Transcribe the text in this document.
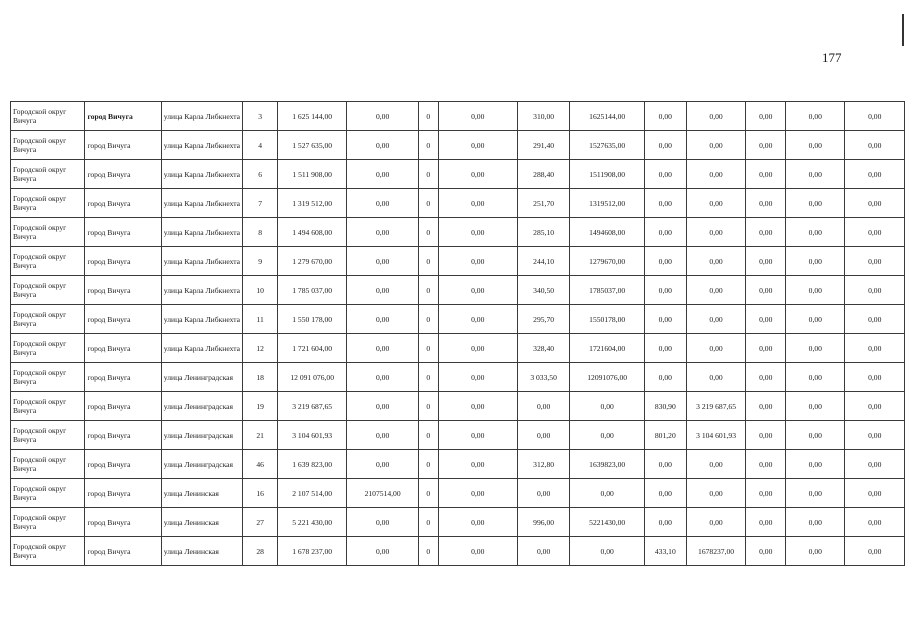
177
Городской округ Вичуга	город Вичуга	улица Карла Либкнехта	3	1 625 144,00	0,00	0	0,00	310,00	1625144,00	0,00	0,00	0,00	0,00	0,00
Городской округ Вичуга	город Вичуга	улица Карла Либкнехта	4	1 527 635,00	0,00	0	0,00	291,40	1527635,00	0,00	0,00	0,00	0,00	0,00
Городской округ Вичуга	город Вичуга	улица Карла Либкнехта	6	1 511 908,00	0,00	0	0,00	288,40	1511908,00	0,00	0,00	0,00	0,00	0,00
Городской округ Вичуга	город Вичуга	улица Карла Либкнехта	7	1 319 512,00	0,00	0	0,00	251,70	1319512,00	0,00	0,00	0,00	0,00	0,00
Городской округ Вичуга	город Вичуга	улица Карла Либкнехта	8	1 494 608,00	0,00	0	0,00	285,10	1494608,00	0,00	0,00	0,00	0,00	0,00
Городской округ Вичуга	город Вичуга	улица Карла Либкнехта	9	1 279 670,00	0,00	0	0,00	244,10	1279670,00	0,00	0,00	0,00	0,00	0,00
Городской округ Вичуга	город Вичуга	улица Карла Либкнехта	10	1 785 037,00	0,00	0	0,00	340,50	1785037,00	0,00	0,00	0,00	0,00	0,00
Городской округ Вичуга	город Вичуга	улица Карла Либкнехта	11	1 550 178,00	0,00	0	0,00	295,70	1550178,00	0,00	0,00	0,00	0,00	0,00
Городской округ Вичуга	город Вичуга	улица Карла Либкнехта	12	1 721 604,00	0,00	0	0,00	328,40	1721604,00	0,00	0,00	0,00	0,00	0,00
Городской округ Вичуга	город Вичуга	улица Ленинградская	18	12 091 076,00	0,00	0	0,00	3 033,50	12091076,00	0,00	0,00	0,00	0,00	0,00
Городской округ Вичуга	город Вичуга	улица Ленинградская	19	3 219 687,65	0,00	0	0,00	0,00	0,00	830,90	3 219 687,65	0,00	0,00	0,00
Городской округ Вичуга	город Вичуга	улица Ленинградская	21	3 104 601,93	0,00	0	0,00	0,00	0,00	801,20	3 104 601,93	0,00	0,00	0,00
Городской округ Вичуга	город Вичуга	улица Ленинградская	46	1 639 823,00	0,00	0	0,00	312,80	1639823,00	0,00	0,00	0,00	0,00	0,00
Городской округ Вичуга	город Вичуга	улица Ленинская	16	2 107 514,00	2107514,00	0	0,00	0,00	0,00	0,00	0,00	0,00	0,00	0,00
Городской округ Вичуга	город Вичуга	улица Ленинская	27	5 221 430,00	0,00	0	0,00	996,00	5221430,00	0,00	0,00	0,00	0,00	0,00
Городской округ Вичуга	город Вичуга	улица Ленинская	28	1 678 237,00	0,00	0	0,00	0,00	0,00	433,10	1678237,00	0,00	0,00	0,00
